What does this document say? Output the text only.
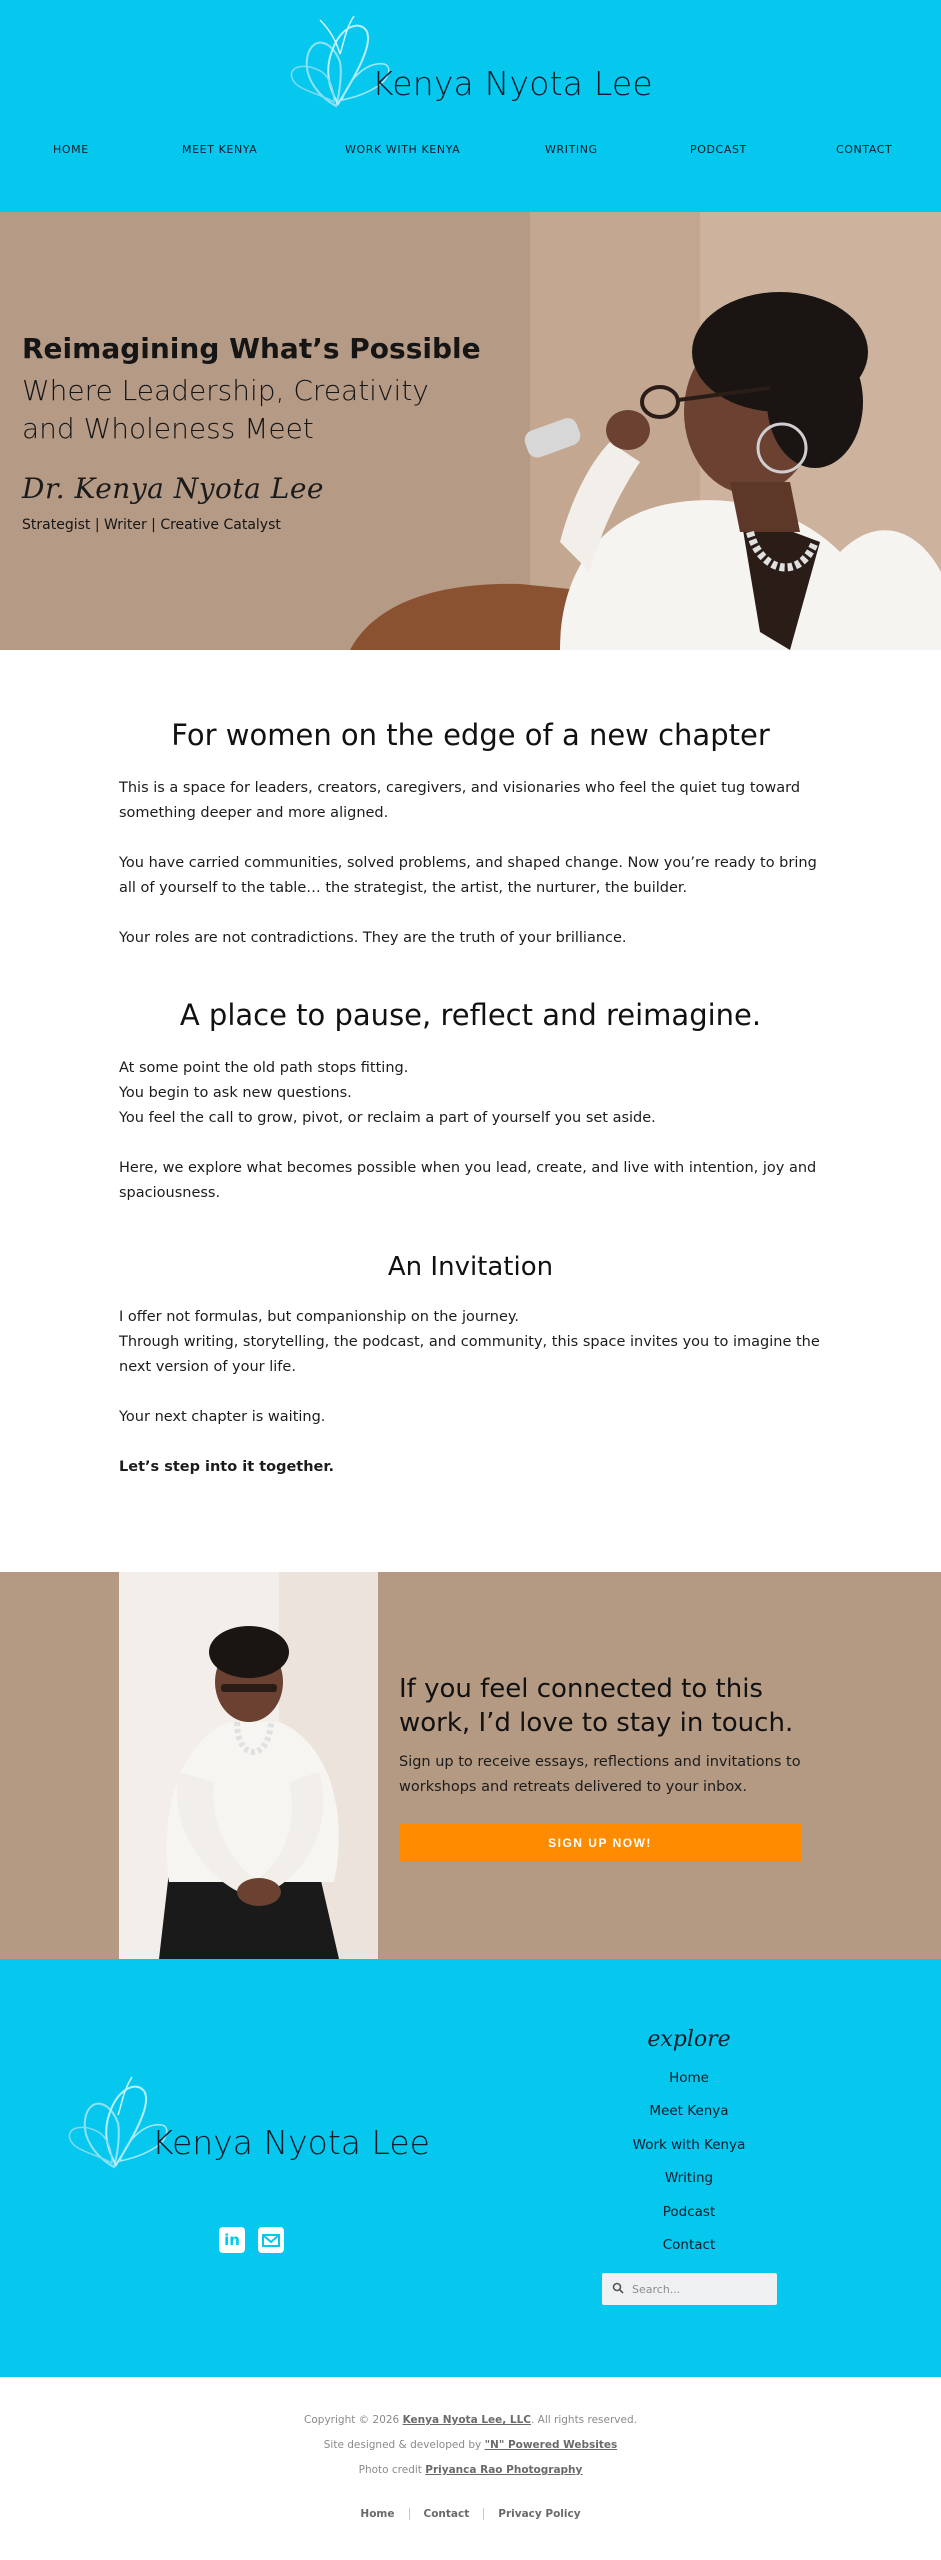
Kenya Nyota Lee
HOME	MEET KENYA	WORK WITH KENYA	WRITING	PODCAST	CONTACT
Reimagining What’s Possible
Where Leadership, Creativity and Wholeness Meet
Dr. Kenya Nyota Lee
Strategist | Writer | Creative Catalyst
For women on the edge of a new chapter

This is a space for leaders, creators, caregivers, and visionaries who feel the quiet tug toward something deeper and more aligned.

You have carried communities, solved problems, and shaped change. Now you’re ready to bring all of yourself to the table… the strategist, the artist, the nurturer, the builder.

Your roles are not contradictions. They are the truth of your brilliance.

A place to pause, reflect and reimagine.

At some point the old path stops fitting.

You begin to ask new questions.

You feel the call to grow, pivot, or reclaim a part of yourself you set aside.

Here, we explore what becomes possible when you lead, create, and live with intention, joy and spaciousness.

An Invitation

I offer not formulas, but companionship on the journey.

Through writing, storytelling, the podcast, and community, this space invites you to imagine the next version of your life.

Your next chapter is waiting.

Let’s step into it together.

If you feel connected to this work, I’d love to stay in touch.

Sign up to receive essays, reflections and invitations to workshops and retreats delivered to your inbox.

SIGN UP NOW!
Kenya Nyota Lee
in
explore
Home
Meet Kenya
Work with Kenya
Writing
Podcast
Contact
Search...
Copyright © 2026 Kenya Nyota Lee, LLC. All rights reserved.
Site designed & developed by "N" Powered Websites
Photo credit Priyanca Rao Photography
Home	Contact	Privacy Policy
